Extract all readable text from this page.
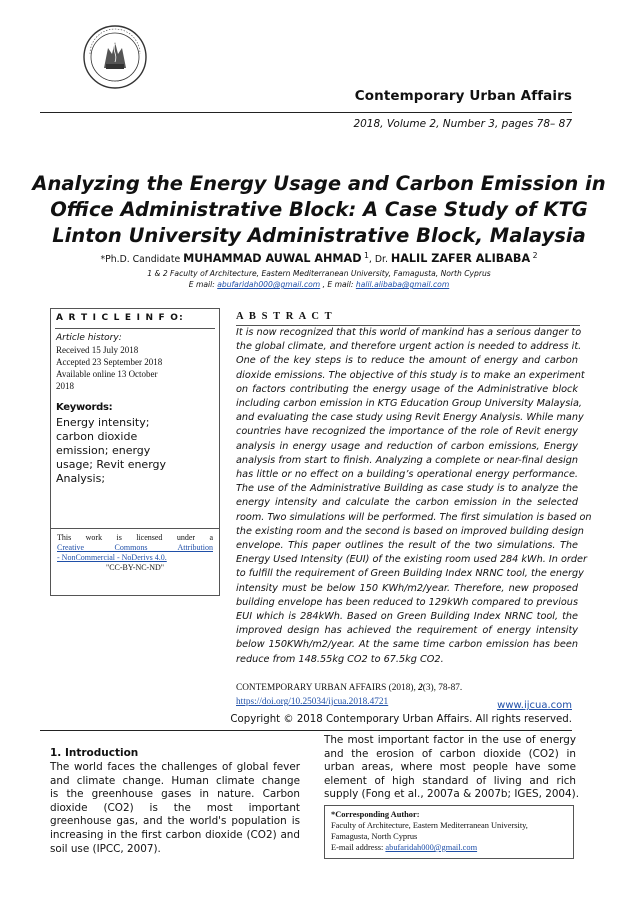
Contemporary Urban Affairs
2018, Volume 2, Number 3, pages 78– 87
Analyzing the Energy Usage and Carbon Emission in
Office Administrative Block: A Case Study of KTG
Linton University Administrative Block, Malaysia
*Ph.D. Candidate MUHAMMAD AUWAL AHMAD $^1$, Dr. HALIL ZAFER ALIBABA $^2$
1 & 2 Faculty of Architecture, Eastern Mediterranean University, Famagusta, North Cyprus
E mail: abufaridah000@gmail.com , E mail: halil.alibaba@gmail.com
A R T I C L E I N F O:
Article history:
Received 15 July 2018
Accepted 23 September 2018
Available online 13 October
2018
Keywords:
Energy intensity;
carbon dioxide
emission; energy
usage; Revit energy
Analysis;
This work is licensed under a
Creative Commons Attribution
- NonCommercial - NoDerivs 4.0.
"CC-BY-NC-ND"
A B S T R A C T
It is now recognized that this world of mankind has a serious danger to
the global climate, and therefore urgent action is needed to address it.
One of the key steps is to reduce the amount of energy and carbon
dioxide emissions. The objective of this study is to make an experiment
on factors contributing the energy usage of the Administrative block
including carbon emission in KTG Education Group University Malaysia,
and evaluating the case study using Revit Energy Analysis. While many
countries have recognized the importance of the role of Revit energy
analysis in energy usage and reduction of carbon emissions, Energy
analysis from start to finish. Analyzing a complete or near-final design
has little or no effect on a building’s operational energy performance.
The use of the Administrative Building as case study is to analyze the
energy intensity and calculate the carbon emission in the selected
room. Two simulations will be performed. The first simulation is based on
the existing room and the second is based on improved building design
envelope. This paper outlines the result of the two simulations. The
Energy Used Intensity (EUI) of the existing room used 284 kWh. In order
to fulfill the requirement of Green Building Index NRNC tool, the energy
intensity must be below 150 KWh/m2/year. Therefore, new proposed
building envelope has been reduced to 129kWh compared to previous
EUI which is 284kWh. Based on Green Building Index NRNC tool, the
improved design has achieved the requirement of energy intensity
below 150KWh/m2/year. At the same time carbon emission has been
reduce from 148.55kg CO2 to 67.5kg CO2.
CONTEMPORARY URBAN AFFAIRS (2018), 2(3), 78-87.
https://doi.org/10.25034/ijcua.2018.4721	www.ijcua.com
Copyright © 2018 Contemporary Urban Affairs. All rights reserved.
1. Introduction
The world faces the challenges of global fever
and climate change. Human climate change
is the greenhouse gases in nature. Carbon
dioxide (CO2) is the most important
greenhouse gas, and the world's population is
increasing in the first carbon dioxide (CO2) and
soil use (IPCC, 2007).
The most important factor in the use of energy
and the erosion of carbon dioxide (CO2) in
urban areas, where most people have some
element of high standard of living and rich
supply (Fong et al., 2007a & 2007b; IGES, 2004).
*Corresponding Author:
Faculty of Architecture, Eastern Mediterranean University,
Famagusta, North Cyprus
E-mail address: abufaridah000@gmail.com
